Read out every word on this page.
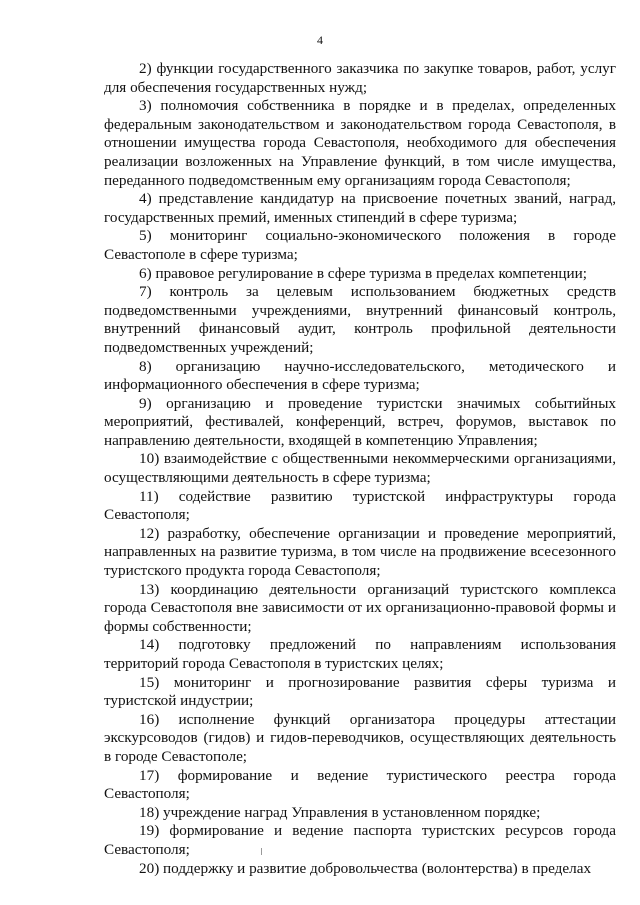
4

2) функции государственного заказчика по закупке товаров, работ, услуг для обеспечения государственных нужд;

3) полномочия собственника в порядке и в пределах, определенных федеральным законодательством и законодательством города Севастополя, в отношении имущества города Севастополя, необходимого для обеспечения реализации возложенных на Управление функций, в том числе имущества, переданного подведомственным ему организациям города Севастополя;

4) представление кандидатур на присвоение почетных званий, наград, государственных премий, именных стипендий в сфере туризма;

5) мониторинг социально-экономического положения в городе Севастополе в сфере туризма;

6) правовое регулирование в сфере туризма в пределах компетенции;

7) контроль за целевым использованием бюджетных средств подведомственными учреждениями, внутренний финансовый контроль, внутренний финансовый аудит, контроль профильной деятельности подведомственных учреждений;

8) организацию научно-исследовательского, методического и информационного обеспечения в сфере туризма;

9) организацию и проведение туристски значимых событийных мероприятий, фестивалей, конференций, встреч, форумов, выставок по направлению деятельности, входящей в компетенцию Управления;

10) взаимодействие с общественными некоммерческими организациями, осуществляющими деятельность в сфере туризма;

11) содействие развитию туристской инфраструктуры города Севастополя;

12) разработку, обеспечение организации и проведение мероприятий, направленных на развитие туризма, в том числе на продвижение всесезонного туристского продукта города Севастополя;

13) координацию деятельности организаций туристского комплекса города Севастополя вне зависимости от их организационно-правовой формы и формы собственности;

14) подготовку предложений по направлениям использования территорий города Севастополя в туристских целях;

15) мониторинг и прогнозирование развития сферы туризма и туристской индустрии;

16) исполнение функций организатора процедуры аттестации экскурсоводов (гидов) и гидов-переводчиков, осуществляющих деятельность в городе Севастополе;

17) формирование и ведение туристического реестра города Севастополя;

18) учреждение наград Управления в установленном порядке;

19) формирование и ведение паспорта туристских ресурсов города Севастополя;

20) поддержку и развитие добровольчества (волонтерства) в пределах
